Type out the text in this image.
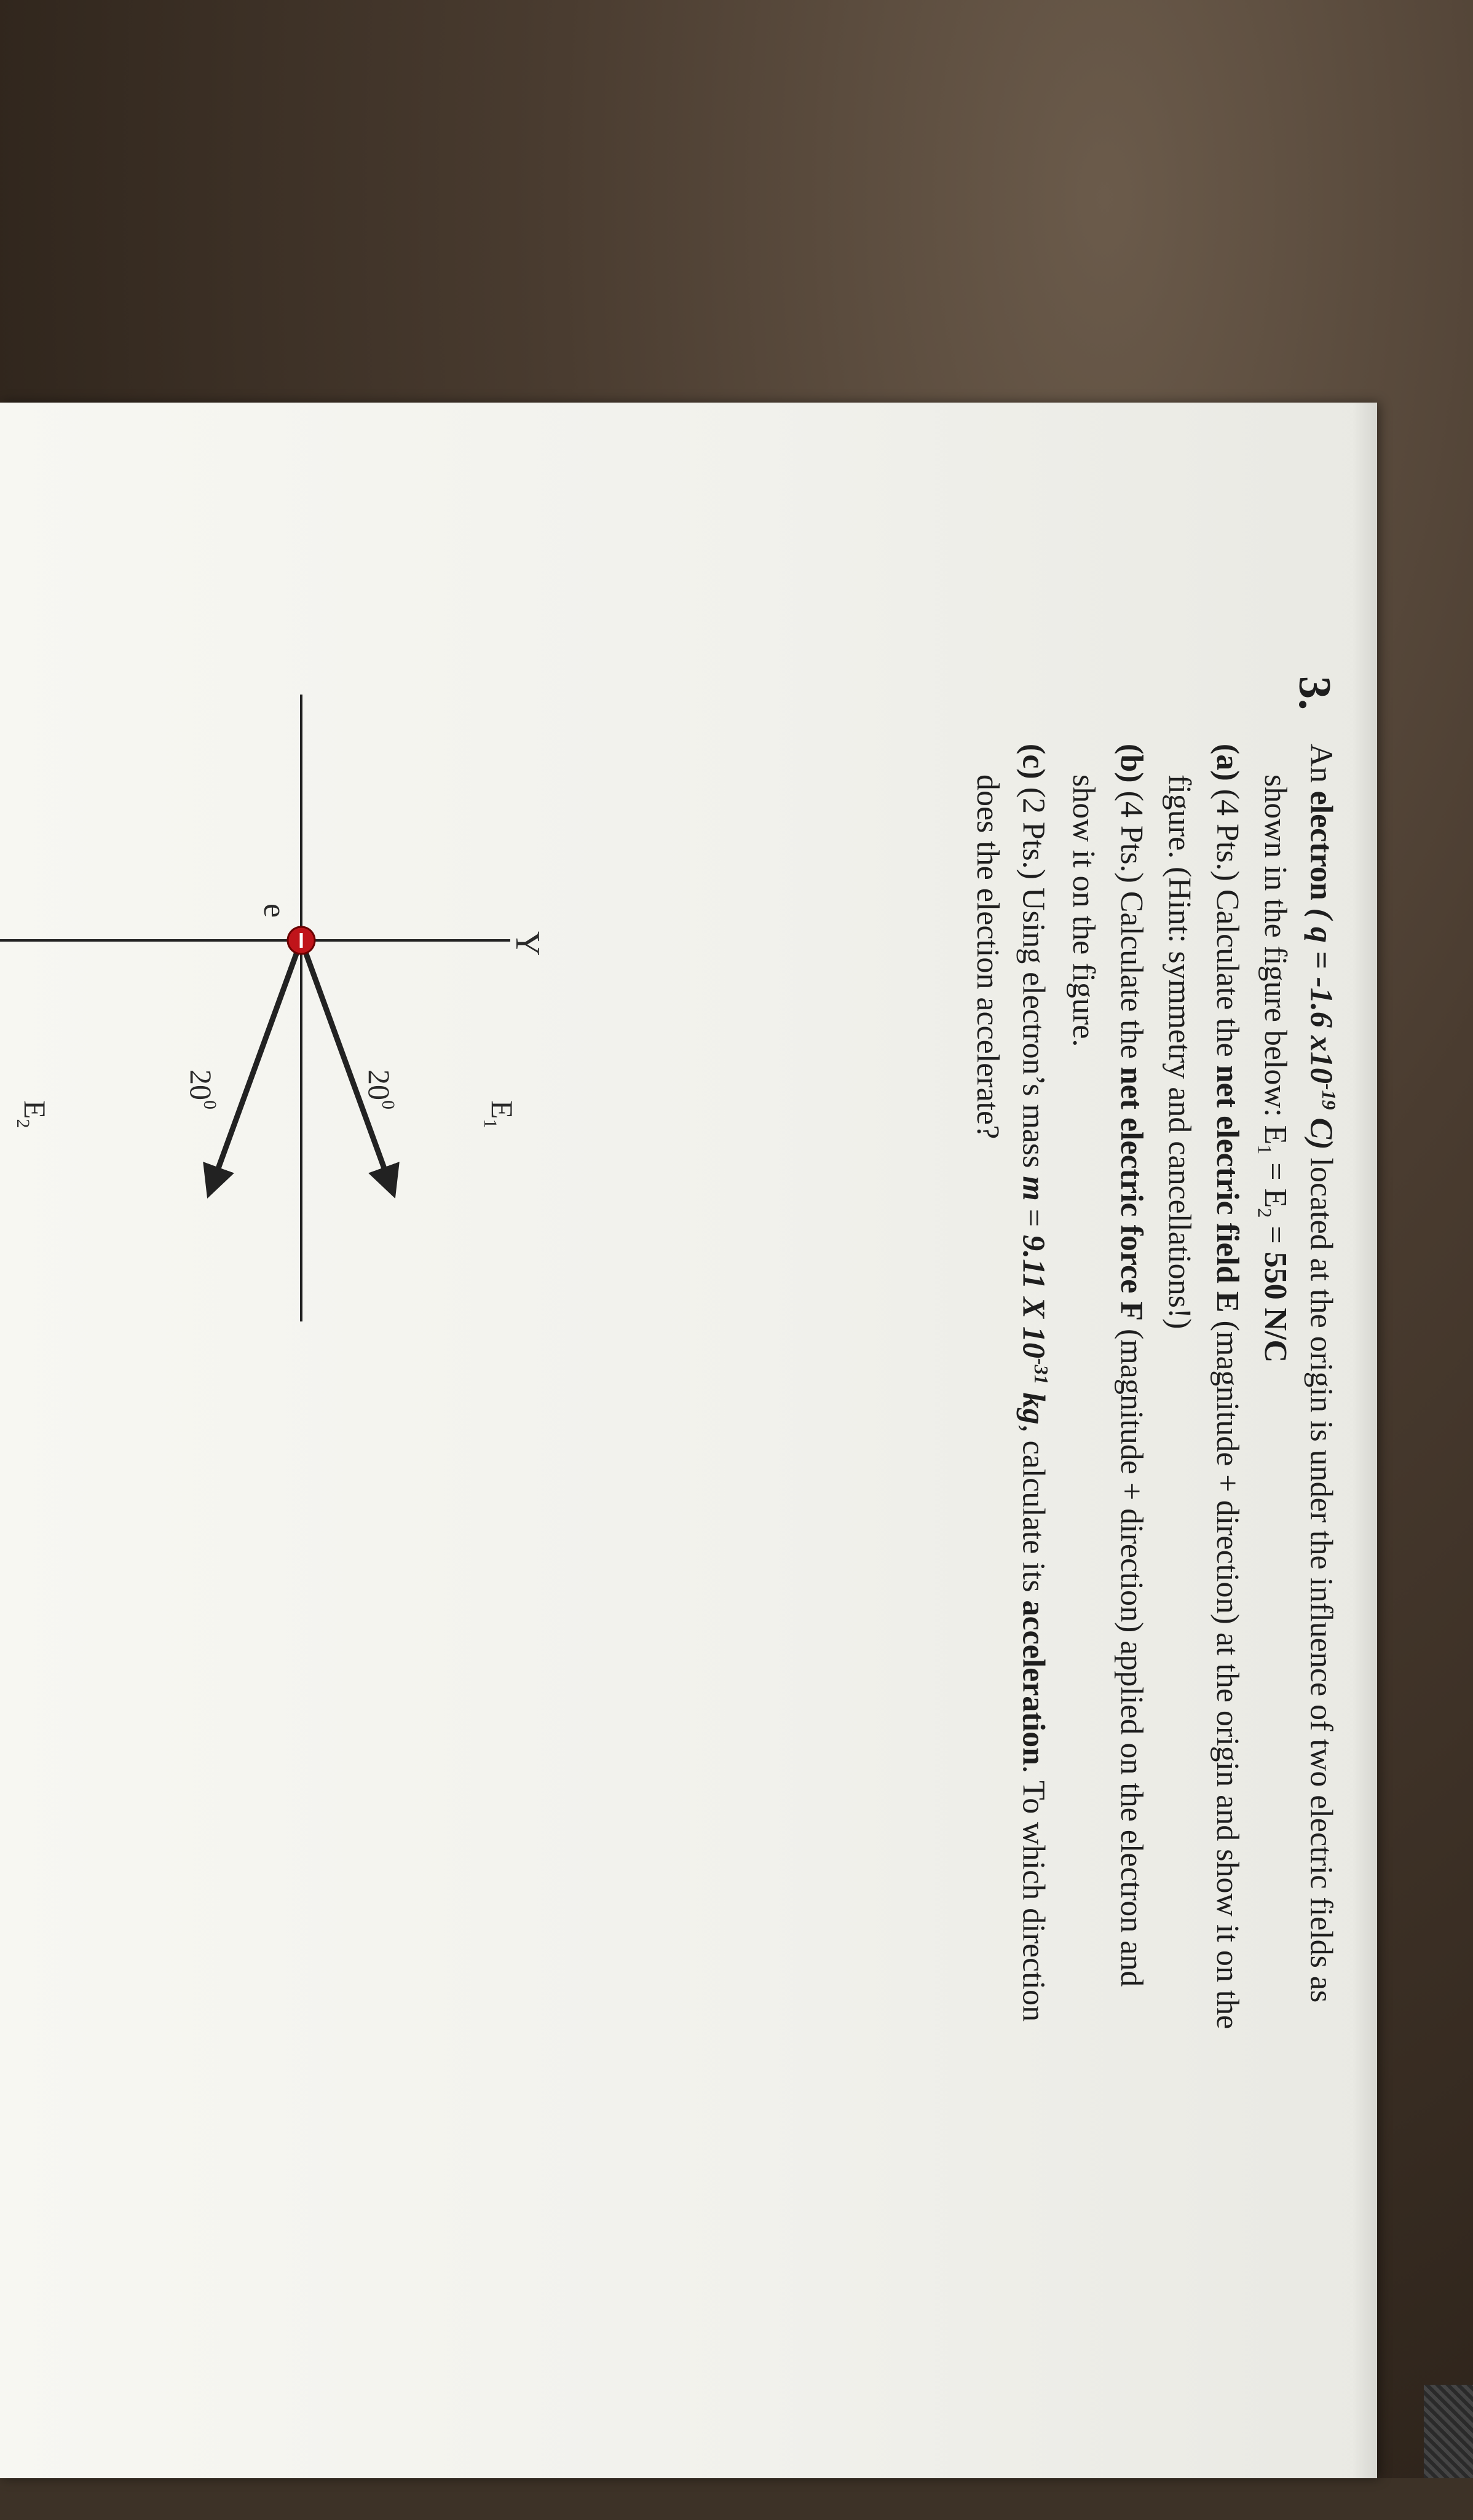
3.
An electron ( q = -1.6 $x10^{-19}$ C) located at the origin is under the influence of two electric fields as
shown in the figure below: $E_1 = E_2 = 550$ N/C
(a) (4 Pts.) Calculate the net electric field E (magnitude + direction) at the origin and show it on the
figure. (Hint: symmetry and cancellations!)
(b) (4 Pts.) Calculate the net electric force F (magnitude + direction) applied on the electron and
show it on the figure.
(c) (2 Pts.) Using electron’s mass m = 9.11 X $10^{-31}$ kg, calculate its acceleration. To which direction
does the election accelerate?
Y
$E_1$
$E_2$
$20^0$
$20^0$
e
